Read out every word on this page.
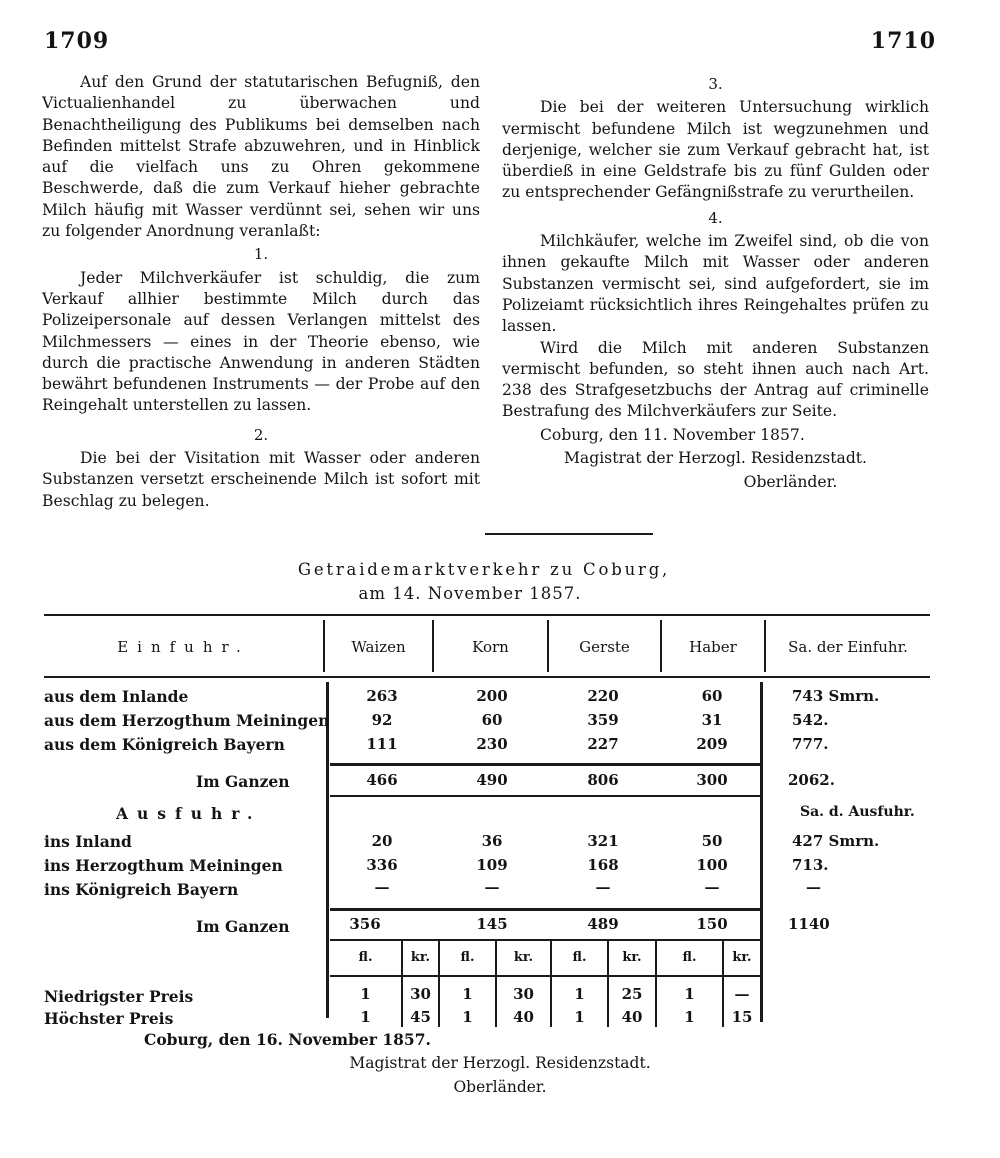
1709	1710

Auf den Grund der statutarischen Befugniß, den Victualienhandel zu überwachen und Benachtheiligung des Publikums bei demselben nach Befinden mittelst Strafe abzuwehren, und in Hinblick auf die vielfach uns zu Ohren gekommene Beschwerde, daß die zum Verkauf hieher gebrachte Milch häufig mit Wasser verdünnt sei, sehen wir uns zu folgender Anordnung veranlaßt:

1.

Jeder Milchverkäufer ist schuldig, die zum Verkauf allhier bestimmte Milch durch das Polizeipersonale auf dessen Verlangen mittelst des Milchmessers — eines in der Theorie ebenso, wie durch die practische Anwendung in anderen Städten bewährt befundenen Instruments — der Probe auf den Reingehalt unterstellen zu lassen.

2.

Die bei der Visitation mit Wasser oder anderen Substanzen versetzt erscheinende Milch ist sofort mit Beschlag zu belegen.

3.

Die bei der weiteren Untersuchung wirklich vermischt befundene Milch ist wegzunehmen und derjenige, welcher sie zum Verkauf gebracht hat, ist überdieß in eine Geldstrafe bis zu fünf Gulden oder zu entsprechender Gefängnißstrafe zu verurtheilen.

4.

Milchkäufer, welche im Zweifel sind, ob die von ihnen gekaufte Milch mit Wasser oder anderen Substanzen vermischt sei, sind aufgefordert, sie im Polizeiamt rücksichtlich ihres Reingehaltes prüfen zu lassen.

Wird die Milch mit anderen Substanzen vermischt befunden, so steht ihnen auch nach Art. 238 des Strafgesetzbuchs der Antrag auf criminelle Bestrafung des Milchverkäufers zur Seite.

Coburg, den 11. November 1857.

Magistrat der Herzogl. Residenzstadt.
Oberländer.
Getraidemarktverkehr zu Coburg,
am 14. November 1857.
Einfuhr.	Waizen	Korn	Gerste	Haber	Sa. der Einfuhr.
aus dem Inlande	263	200	220	60	743 Smrn.
aus dem Herzogthum Meiningen	92	60	359	31	542.
aus dem Königreich Bayern	111	230	227	209	777.
Im Ganzen	466	490	806	300	2062.
Ausfuhr.	Sa. d. Ausfuhr.
ins Inland	20	36	321	50	427 Smrn.
ins Herzogthum Meiningen	336	109	168	100	713.
ins Königreich Bayern	—	—	—	—	—
Im Ganzen	356	145	489	150	1140
fl.	kr.	fl.	kr.	fl.	kr.	fl.	kr.
Niedrigster Preis	1	30	1	30	1	25	1	—
Höchster Preis	1	45	1	40	1	40	1	15
Coburg, den 16. November 1857.
Magistrat der Herzogl. Residenzstadt.
Oberländer.
